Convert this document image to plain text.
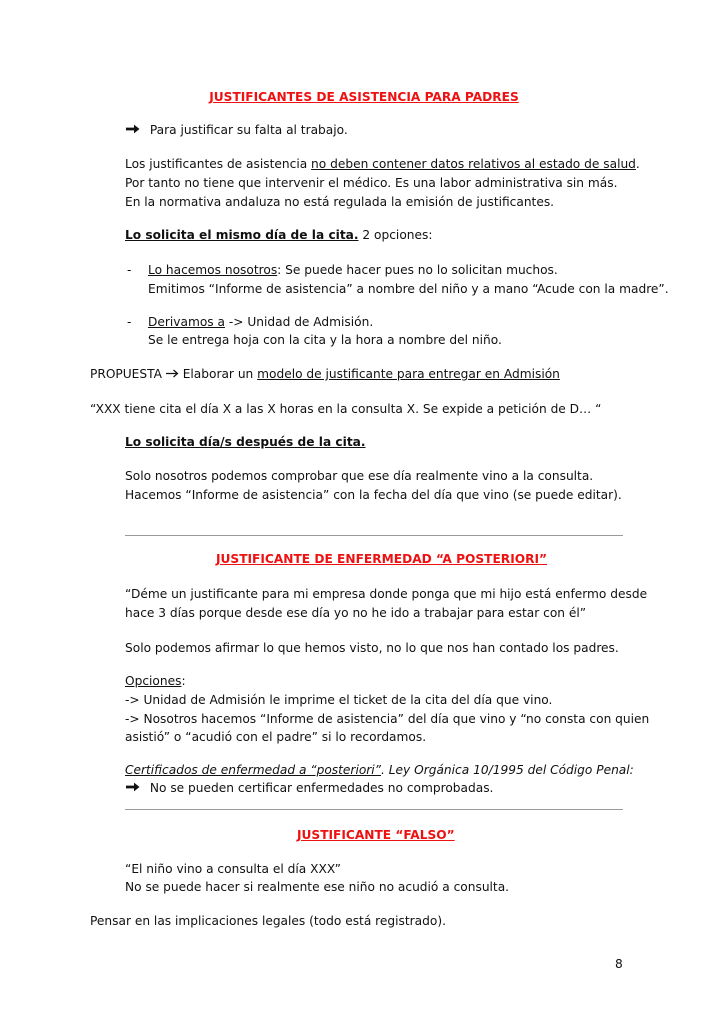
JUSTIFICANTES DE ASISTENCIA PARA PADRES
Para justificar su falta al trabajo.
Los justificantes de asistencia no deben contener datos relativos al estado de salud.
Por tanto no tiene que intervenir el médico. Es una labor administrativa sin más.
En la normativa andaluza no está regulada la emisión de justificantes.
Lo solicita el mismo día de la cita. 2 opciones:
- Lo hacemos nosotros: Se puede hacer pues no lo solicitan muchos.
Emitimos “Informe de asistencia” a nombre del niño y a mano “Acude con la madre”.
- Derivamos a -> Unidad de Admisión.
Se le entrega hoja con la cita y la hora a nombre del niño.
PROPUESTA  Elaborar un modelo de justificante para entregar en Admisión
“XXX tiene cita el día X a las X horas en la consulta X. Se expide a petición de D… “
Lo solicita día/s después de la cita.
Solo nosotros podemos comprobar que ese día realmente vino a la consulta.
Hacemos “Informe de asistencia” con la fecha del día que vino (se puede editar).
JUSTIFICANTE DE ENFERMEDAD “A POSTERIORI”
“Déme un justificante para mi empresa donde ponga que mi hijo está enfermo desde
hace 3 días porque desde ese día yo no he ido a trabajar para estar con él”
Solo podemos afirmar lo que hemos visto, no lo que nos han contado los padres.
Opciones:
-> Unidad de Admisión le imprime el ticket de la cita del día que vino.
-> Nosotros hacemos “Informe de asistencia” del día que vino y “no consta con quien
asistió” o “acudió con el padre” si lo recordamos.
Certificados de enfermedad a “posteriori”. Ley Orgánica 10/1995 del Código Penal:
No se pueden certificar enfermedades no comprobadas.
JUSTIFICANTE “FALSO”
“El niño vino a consulta el día XXX”
No se puede hacer si realmente ese niño no acudió a consulta.
Pensar en las implicaciones legales (todo está registrado).
8
